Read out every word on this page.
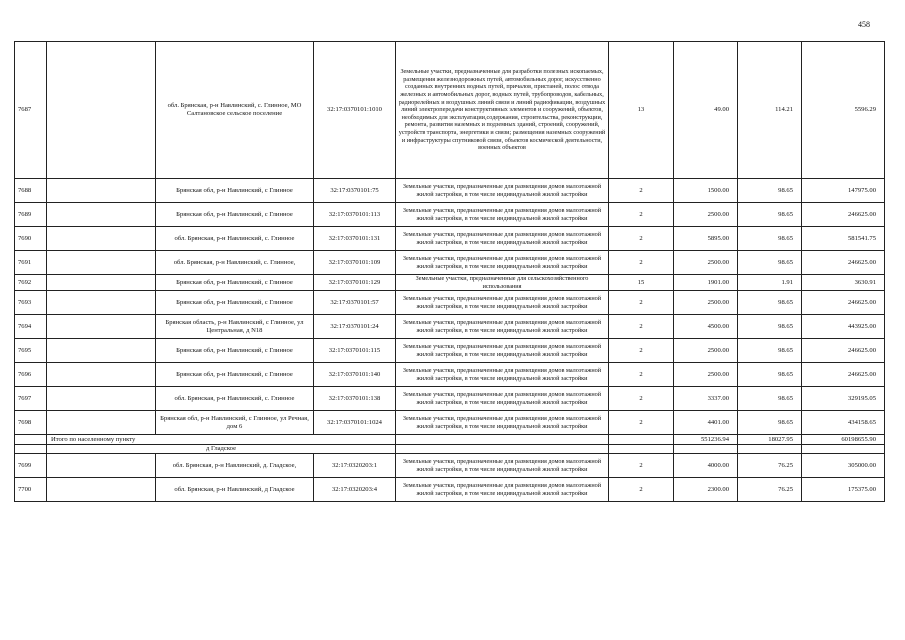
458
7687		обл. Брянская, р-н Навлинский, с. Глинное, МО Салтановское сельское поселение	32:17:0370101:1010	Земельные участки, предназначенные для разработки полезных ископаемых, размещения железнодорожных путей, автомобильных дорог, искусственно созданных внутренних водных путей, причалов, пристаней, полос отвода железных и автомобильных дорог, водных путей, трубопроводов, кабельных, радиорелейных и воздушных линий связи и линий радиофикации, воздушных линий электропередачи конструктивных элементов и сооружений, объектов, необходимых для эксплуатации,содержания, строительства, реконструкции, ремонта, развития наземных и подземных зданий, строений, сооружений, устройств транспорта, энергетики и связи; размещения наземных сооружений и инфраструктуры спутниковой связи, объектов космической деятельности, военных объектов	13	49.00	114.21	5596.29
7688		Брянская обл, р-н Навлинский, с Глинное	32:17:0370101:75	Земельные участки, предназначенные для размещения домов малоэтажной жилой застройки, в том числе индивидуальной жилой застройки	2	1500.00	98.65	147975.00
7689		Брянская обл, р-н Навлинский, с Глинное	32:17:0370101:113	Земельные участки, предназначенные для размещения домов малоэтажной жилой застройки, в том числе индивидуальной жилой застройки	2	2500.00	98.65	246625.00
7690		обл. Брянская, р-н Навлинский, с. Глинное	32:17:0370101:131	Земельные участки, предназначенные для размещения домов малоэтажной жилой застройки, в том числе индивидуальной жилой застройки	2	5895.00	98.65	581541.75
7691		обл. Брянская, р-н Навлинский, с. Глинное,	32:17:0370101:109	Земельные участки, предназначенные для размещения домов малоэтажной жилой застройки, в том числе индивидуальной жилой застройки	2	2500.00	98.65	246625.00
7692		Брянская обл, р-н Навлинский, с Глинное	32:17:0370101:129	Земельные участки, предназначенные для сельскохозяйственного использования	15	1901.00	1.91	3630.91
7693		Брянская обл, р-н Навлинский, с Глинное	32:17:0370101:57	Земельные участки, предназначенные для размещения домов малоэтажной жилой застройки, в том числе индивидуальной жилой застройки	2	2500.00	98.65	246625.00
7694		Брянская область, р-н Навлинский, с Глинное, ул Центральная, д N18	32:17:0370101:24	Земельные участки, предназначенные для размещения домов малоэтажной жилой застройки, в том числе индивидуальной жилой застройки	2	4500.00	98.65	443925.00
7695		Брянская обл, р-н Навлинский, с Глинное	32:17:0370101:115	Земельные участки, предназначенные для размещения домов малоэтажной жилой застройки, в том числе индивидуальной жилой застройки	2	2500.00	98.65	246625.00
7696		Брянская обл, р-н Навлинский, с Глинное	32:17:0370101:140	Земельные участки, предназначенные для размещения домов малоэтажной жилой застройки, в том числе индивидуальной жилой застройки	2	2500.00	98.65	246625.00
7697		обл. Брянская, р-н Навлинский, с. Глинное	32:17:0370101:138	Земельные участки, предназначенные для размещения домов малоэтажной жилой застройки, в том числе индивидуальной жилой застройки	2	3337.00	98.65	329195.05
7698		Брянская обл, р-н Навлинский, с Глинное, ул Речная, дом 6	32:17:0370101:1024	Земельные участки, предназначенные для размещения домов малоэтажной жилой застройки, в том числе индивидуальной жилой застройки	2	4401.00	98.65	434158.65
	Итого по населенному пункту					551236.94	18027.95	60198655.90
	д Гладское							
7699		обл. Брянская, р-н Навлинский, д. Гладское,	32:17:0320203:1	Земельные участки, предназначенные для размещения домов малоэтажной жилой застройки, в том числе индивидуальной жилой застройки	2	4000.00	76.25	305000.00
7700		обл. Брянская, р-н Навлинский, д Гладское	32:17:0320203:4	Земельные участки, предназначенные для размещения домов малоэтажной жилой застройки, в том числе индивидуальной жилой застройки	2	2300.00	76.25	175375.00
